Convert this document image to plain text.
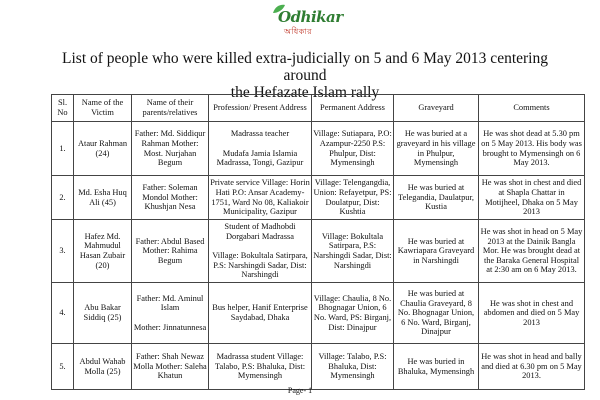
Odhikar
অধিকার
List of people who were killed extra-judicially on 5 and 6 May 2013 centering around
the Hefazate Islam rally
Sl. No	Name of the Victim	Name of their parents/relatives	Profession/ Present Address	Permanent Address	Graveyard	Comments
1.	Ataur Rahman (24)	Father: Md. Siddiqur Rahman Mother: Most. Nurjahan Begum	Madrassa teacher

Mudafa Jamia Islamia Madrassa, Tongi, Gazipur	Village: Sutiapara, P.O: Azampur-2250 P.S: Phulpur, Dist: Mymensingh	He was buried at a graveyard in his village in Phulpur, Mymensingh	He was shot dead at 5.30 pm on 5 May 2013. His body was brought to Mymensingh on 6 May 2013.
2.	Md. Esha Huq Ali (45)	Father: Soleman Mondol Mother: Khushjan Nesa	Private service Village: Horin Hati P.O: Ansar Academy-1751, Ward No 08, Kaliakoir Municipality, Gazipur	Village: Telengangdia, Union: Refayetpur, PS: Doulatpur, Dist: Kushtia	He was buried at Telegandia, Daulatpur, Kustia	He was shot in chest and died at Shapla Chattar in Motijheel, Dhaka on 5 May 2013
3.	Hafez Md. Mahmudul Hasan Zubair (20)	Father: Abdul Based Mother: Rahima Begum	Student of Madhobdi Dorgabari Madrassa

Village: Bokultala Satirpara, P.S: Narshingdi Sadar, Dist: Narshingdi	Village: Bokultala Satirpara, P.S: Narshingdi Sadar, Dist: Narshingdi	He was buried at Kawriapara Graveyard in Narshingdi	He was shot in head on 5 May 2013 at the Dainik Bangla Mor. He was brought dead at the Baraka General Hospital at 2:30 am on 6 May 2013.
4.	Abu Bakar Siddiq (25)	Father: Md. Aminul Islam

Mother: Jinnatunnesa	Bus helper, Hanif Enterprise Saydabad, Dhaka	Village: Chaulia, 8 No. Bhognagar Union, 6 No. Ward, PS: Birganj, Dist: Dinajpur	He was buried at Chaulia Graveyard, 8 No. Bhognagar Union, 6 No. Ward, Birganj, Dinajpur	He was shot in chest and abdomen and died on 5 May 2013
5.	Abdul Wahab Molla (25)	Father: Shah Newaz Molla Mother: Saleha Khatun	Madrassa student Village: Talabo, P.S: Bhaluka, Dist: Mymensingh	Village: Talabo, P.S: Bhaluka, Dist: Mymensingh	He was buried in Bhaluka, Mymensingh	He was shot in head and bally and died at 6.30 pm on 5 May 2013.
Page- 1
